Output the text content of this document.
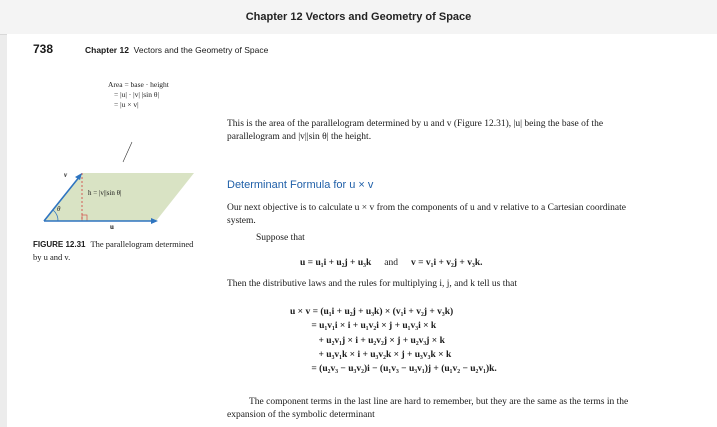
Chapter 12 Vectors and Geometry of Space
738	Chapter 12 Vectors and the Geometry of Space
Area = base · height
= |u| · |v| |sin θ|
= |u × v|
h = |v||sin θ|
v
u
θ
FIGURE 12.31 The parallelogram determined by u and v.
This is the area of the parallelogram determined by u and v (Figure 12.31), |u| being the base of the parallelogram and |v||sin θ| the height.
Determinant Formula for u × v
Our next objective is to calculate u × v from the components of u and v relative to a Cartesian coordinate system.
Suppose that
u = u₁i + u₂j + u₃k and v = v₁i + v₂j + v₃k.
Then the distributive laws and the rules for multiplying i, j, and k tell us that
u × v = (u₁i + u₂j + u₃k) × (v₁i + v₂j + v₃k)
= u₁v₁i × i + u₁v₂i × j + u₁v₃i × k
+ u₂v₁j × i + u₂v₂j × j + u₂v₃j × k
+ u₃v₁k × i + u₃v₂k × j + u₃v₃k × k
= (u₂v₃ − u₃v₂)i − (u₁v₃ − u₃v₁)j + (u₁v₂ − u₂v₁)k.
The component terms in the last line are hard to remember, but they are the same as the terms in the expansion of the symbolic determinant
